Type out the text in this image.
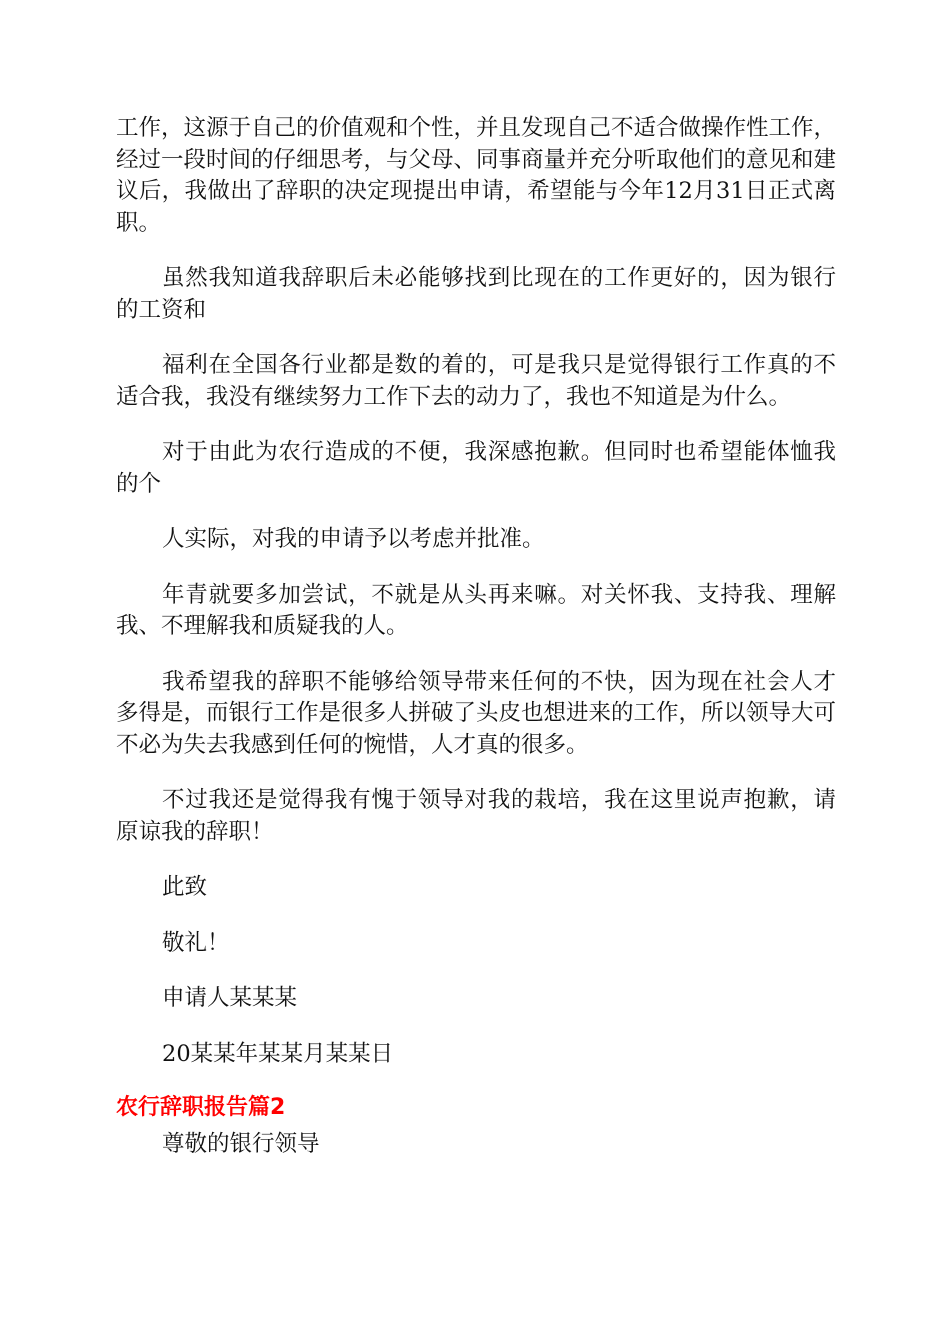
工作，这源于自己的价值观和个性，并且发现自己不适合做操作性工作，经过一段时间的仔细思考，与父母、同事商量并充分听取他们的意见和建议后，我做出了辞职的决定现提出申请，希望能与今年12月31日正式离职。

虽然我知道我辞职后未必能够找到比现在的工作更好的，因为银行的工资和

福利在全国各行业都是数的着的，可是我只是觉得银行工作真的不适合我，我没有继续努力工作下去的动力了，我也不知道是为什么。

对于由此为农行造成的不便，我深感抱歉。但同时也希望能体恤我的个

人实际，对我的申请予以考虑并批准。

年青就要多加尝试，不就是从头再来嘛。对关怀我、支持我、理解我、不理解我和质疑我的人。

我希望我的辞职不能够给领导带来任何的不快，因为现在社会人才多得是，而银行工作是很多人拼破了头皮也想进来的工作，所以领导大可不必为失去我感到任何的惋惜，人才真的很多。

不过我还是觉得我有愧于领导对我的栽培，我在这里说声抱歉，请原谅我的辞职！

此致

敬礼！

申请人某某某

20某某年某某月某某日

农行辞职报告篇2

尊敬的银行领导
